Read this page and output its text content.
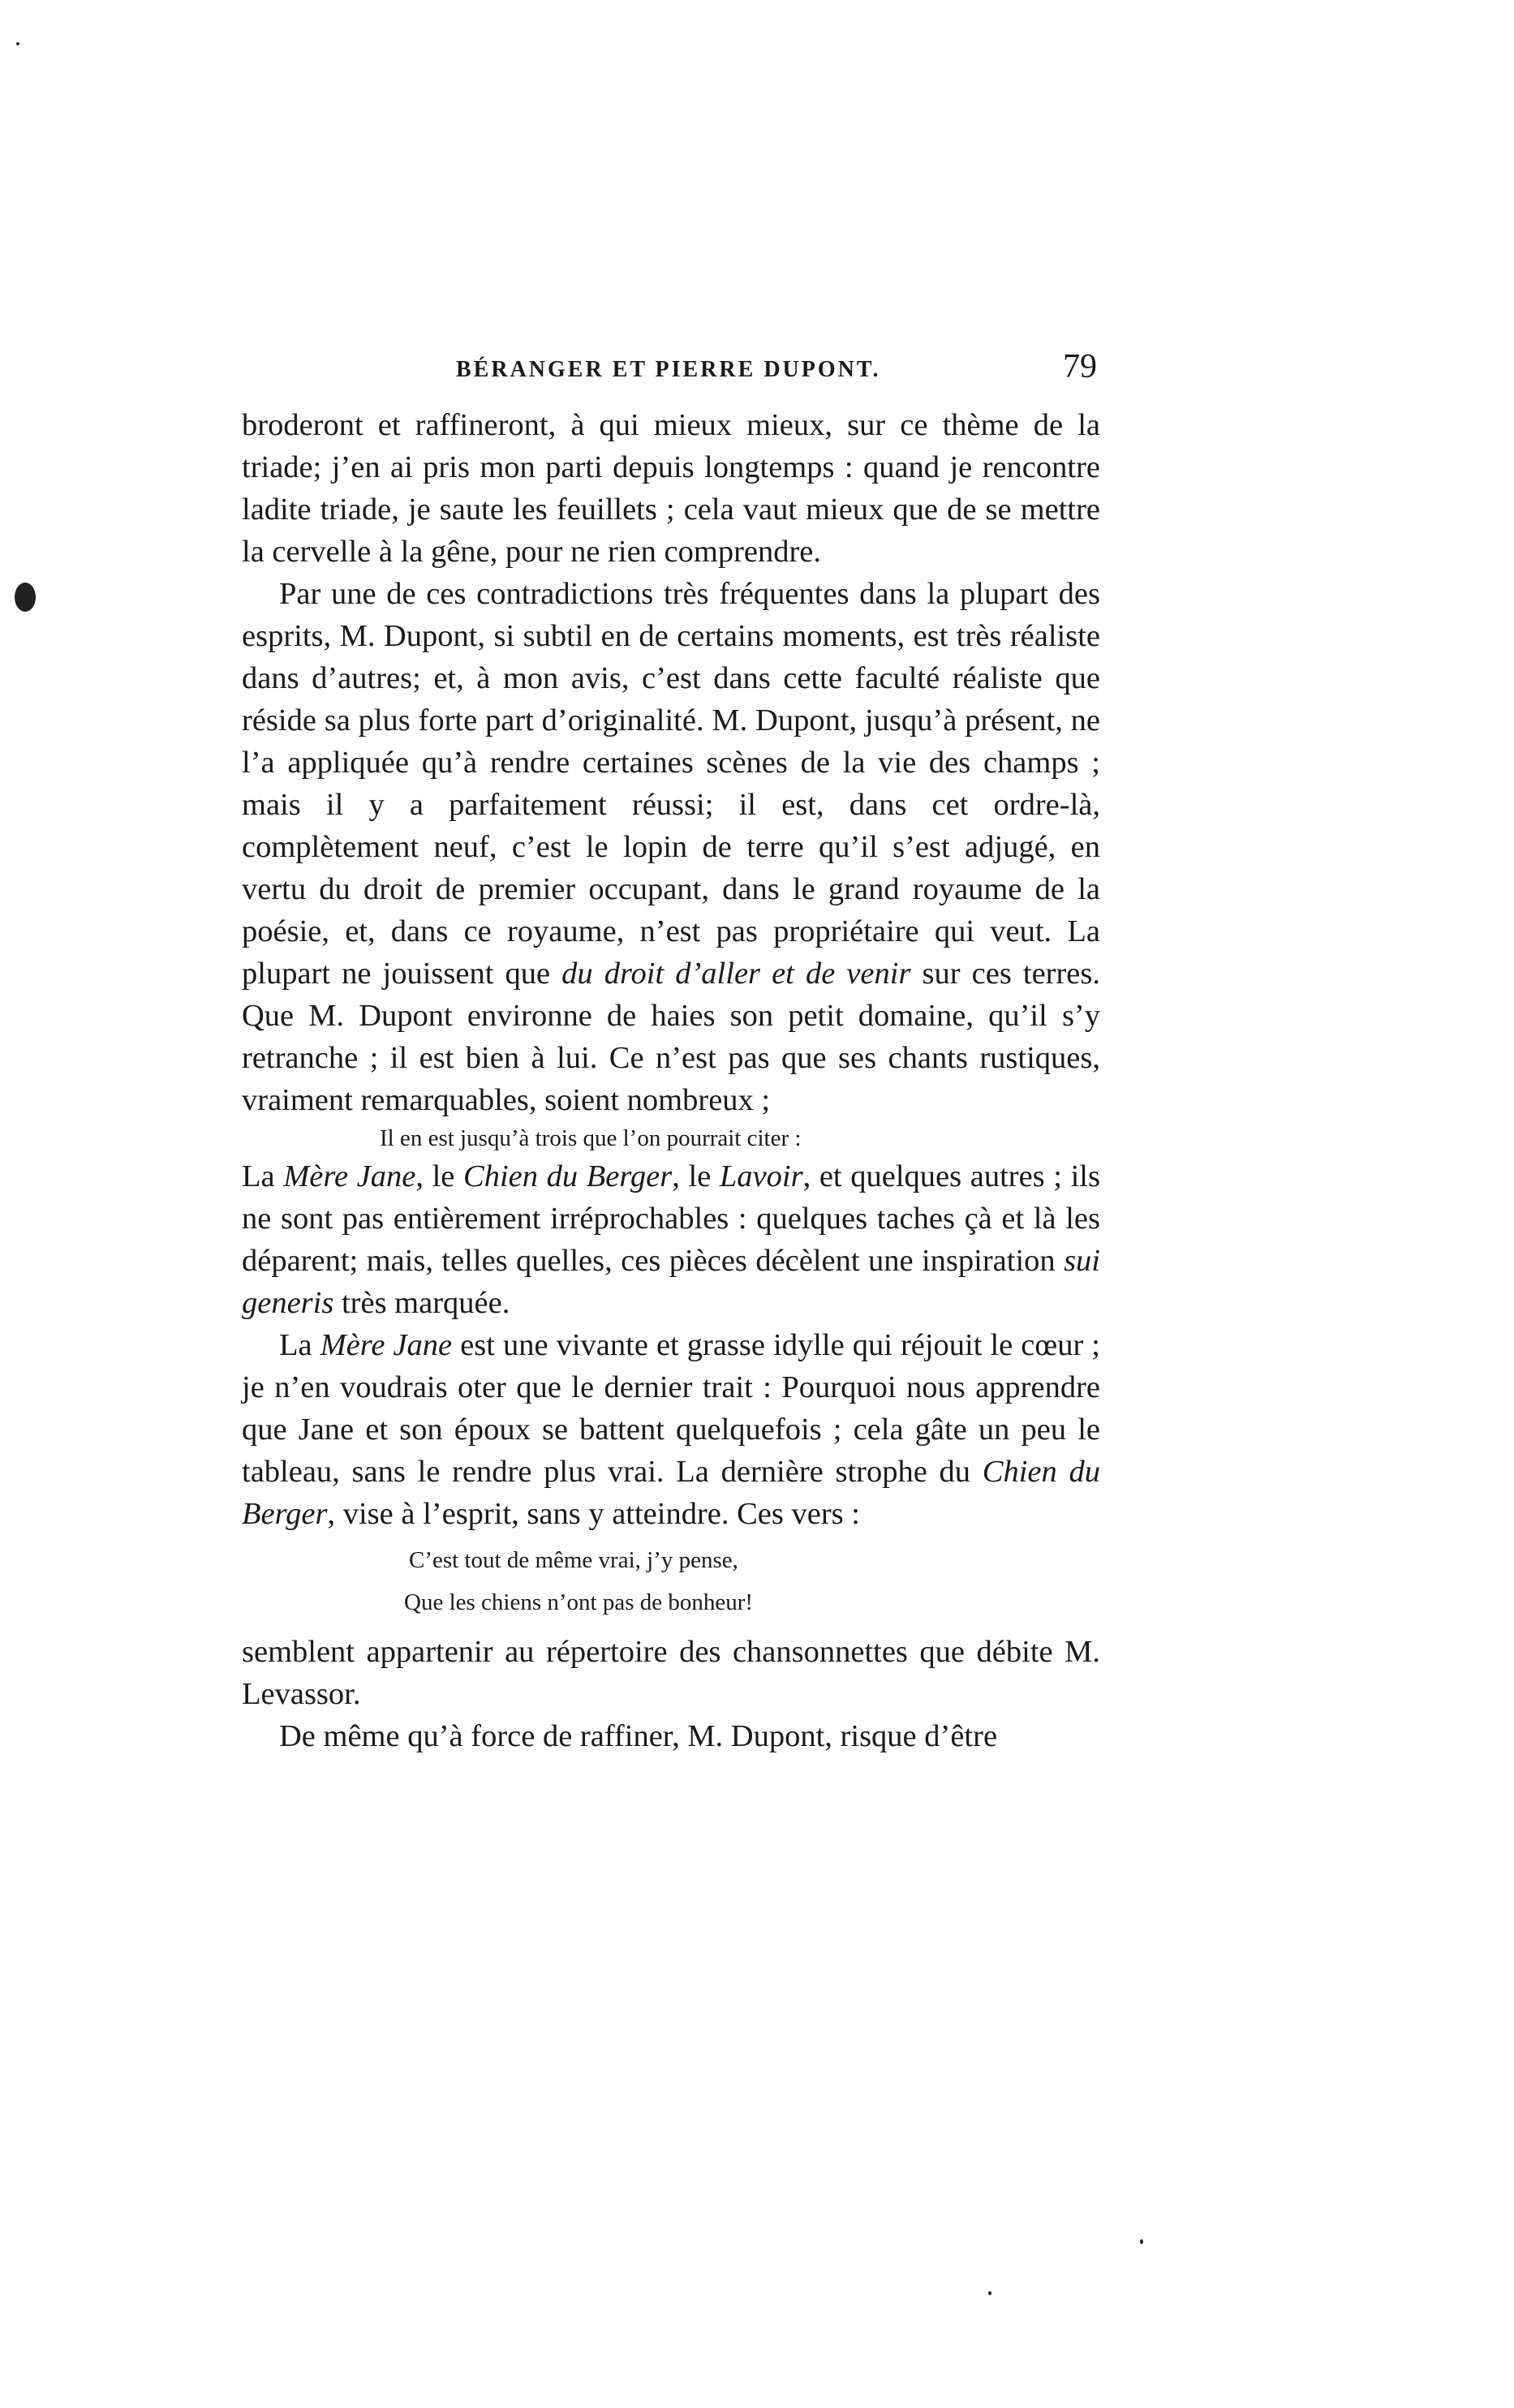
BÉRANGER ET PIERRE DUPONT.	79

broderont et raffineront, à qui mieux mieux, sur ce thème de la triade; j’en ai pris mon parti depuis longtemps : quand je rencontre ladite triade, je saute les feuillets ; cela vaut mieux que de se mettre la cervelle à la gêne, pour ne rien comprendre.

Par une de ces contradictions très fréquentes dans la plupart des esprits, M. Dupont, si subtil en de certains moments, est très réaliste dans d’autres; et, à mon avis, c’est dans cette faculté réaliste que réside sa plus forte part d’originalité. M. Dupont, jusqu’à présent, ne l’a appliquée qu’à rendre certaines scènes de la vie des champs ; mais il y a parfaitement réussi; il est, dans cet ordre-là, complètement neuf, c’est le lopin de terre qu’il s’est adjugé, en vertu du droit de premier occupant, dans le grand royaume de la poésie, et, dans ce royaume, n’est pas propriétaire qui veut. La plupart ne jouissent que du droit d’aller et de venir sur ces terres. Que M. Dupont environne de haies son petit domaine, qu’il s’y retranche ; il est bien à lui. Ce n’est pas que ses chants rustiques, vraiment remarquables, soient nombreux ;

Il en est jusqu’à trois que l’on pourrait citer :

La Mère Jane, le Chien du Berger, le Lavoir, et quelques autres ; ils ne sont pas entièrement irréprochables : quelques taches çà et là les déparent; mais, telles quelles, ces pièces décèlent une inspiration sui generis très marquée.

La Mère Jane est une vivante et grasse idylle qui réjouit le cœur ; je n’en voudrais oter que le dernier trait : Pourquoi nous apprendre que Jane et son époux se battent quelquefois ; cela gâte un peu le tableau, sans le rendre plus vrai. La dernière strophe du Chien du Berger, vise à l’esprit, sans y atteindre. Ces vers :

C’est tout de même vrai, j’y pense,
Que les chiens n’ont pas de bonheur!

semblent appartenir au répertoire des chansonnettes que débite M. Levassor.

De même qu’à force de raffiner, M. Dupont, risque d’être
